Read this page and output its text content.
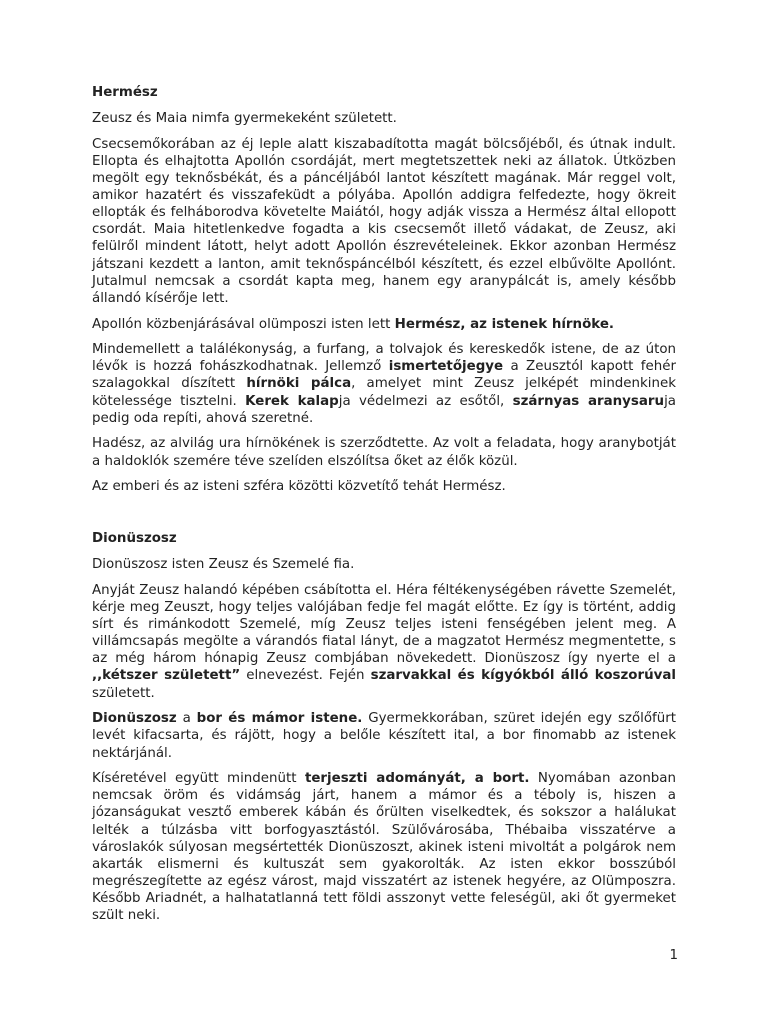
Hermész

Zeusz és Maia nimfa gyermekeként született.

Csecsemőkorában az éj leple alatt kiszabadította magát bölcsőjéből, és útnak indult. Ellopta és elhajtotta Apollón csordáját, mert megtetszettek neki az állatok. Útközben megölt egy teknősbékát, és a páncéljából lantot készített magának. Már reggel volt, amikor hazatért és visszafeküdt a pólyába. Apollón addigra felfedezte, hogy ökreit ellopták és felháborodva követelte Maiától, hogy adják vissza a Hermész által ellopott csordát. Maia hitetlenkedve fogadta a kis csecsemőt illető vádakat, de Zeusz, aki felülről mindent látott, helyt adott Apollón észrevételeinek. Ekkor azonban Hermész játszani kezdett a lanton, amit teknőspáncélból készített, és ezzel elbűvölte Apollónt. Jutalmul nemcsak a csordát kapta meg, hanem egy aranypálcát is, amely később állandó kísérője lett.

Apollón közbenjárásával olümposzi isten lett Hermész, az istenek hírnöke.

Mindemellett a találékonyság, a furfang, a tolvajok és kereskedők istene, de az úton lévők is hozzá fohászkodhatnak. Jellemző ismertetőjegye a Zeusztól kapott fehér szalagokkal díszített hírnöki pálca, amelyet mint Zeusz jelképét mindenkinek kötelessége tisztelni. Kerek kalapja védelmezi az esőtől, szárnyas aranysaruja pedig oda repíti, ahová szeretné.

Hadész, az alvilág ura hírnökének is szerződtette. Az volt a feladata, hogy aranybotját a haldoklók szemére téve szelíden elszólítsa őket az élők közül.

Az emberi és az isteni szféra közötti közvetítő tehát Hermész.

Dionüszosz

Dionüszosz isten Zeusz és Szemelé fia.

Anyját Zeusz halandó képében csábította el. Héra féltékenységében rávette Szemelét, kérje meg Zeuszt, hogy teljes valójában fedje fel magát előtte. Ez így is történt, addig sírt és rimánkodott Szemelé, míg Zeusz teljes isteni fenségében jelent meg. A villámcsapás megölte a várandós fiatal lányt, de a magzatot Hermész megmentette, s az még három hónapig Zeusz combjában növekedett. Dionüszosz így nyerte el a ,,kétszer született” elnevezést. Fején szarvakkal és kígyókból álló koszorúval született.

Dionüszosz a bor és mámor istene. Gyermekkorában, szüret idején egy szőlőfürt levét kifacsarta, és rájött, hogy a belőle készített ital, a bor finomabb az istenek nektárjánál.

Kíséretével együtt mindenütt terjeszti adományát, a bort. Nyomában azonban nemcsak öröm és vidámság járt, hanem a mámor és a téboly is, hiszen a józanságukat vesztő emberek kábán és őrülten viselkedtek, és sokszor a halálukat lelték a túlzásba vitt borfogyasztástól. Szülővárosába, Thébaiba visszatérve a városlakók súlyosan megsértették Dionüszoszt, akinek isteni mivoltát a polgárok nem akarták elismerni és kultuszát sem gyakorolták. Az isten ekkor bosszúból megrészegítette az egész várost, majd visszatért az istenek hegyére, az Olümposzra. Később Ariadnét, a halhatatlanná tett földi asszonyt vette feleségül, aki őt gyermeket szült neki.

1
